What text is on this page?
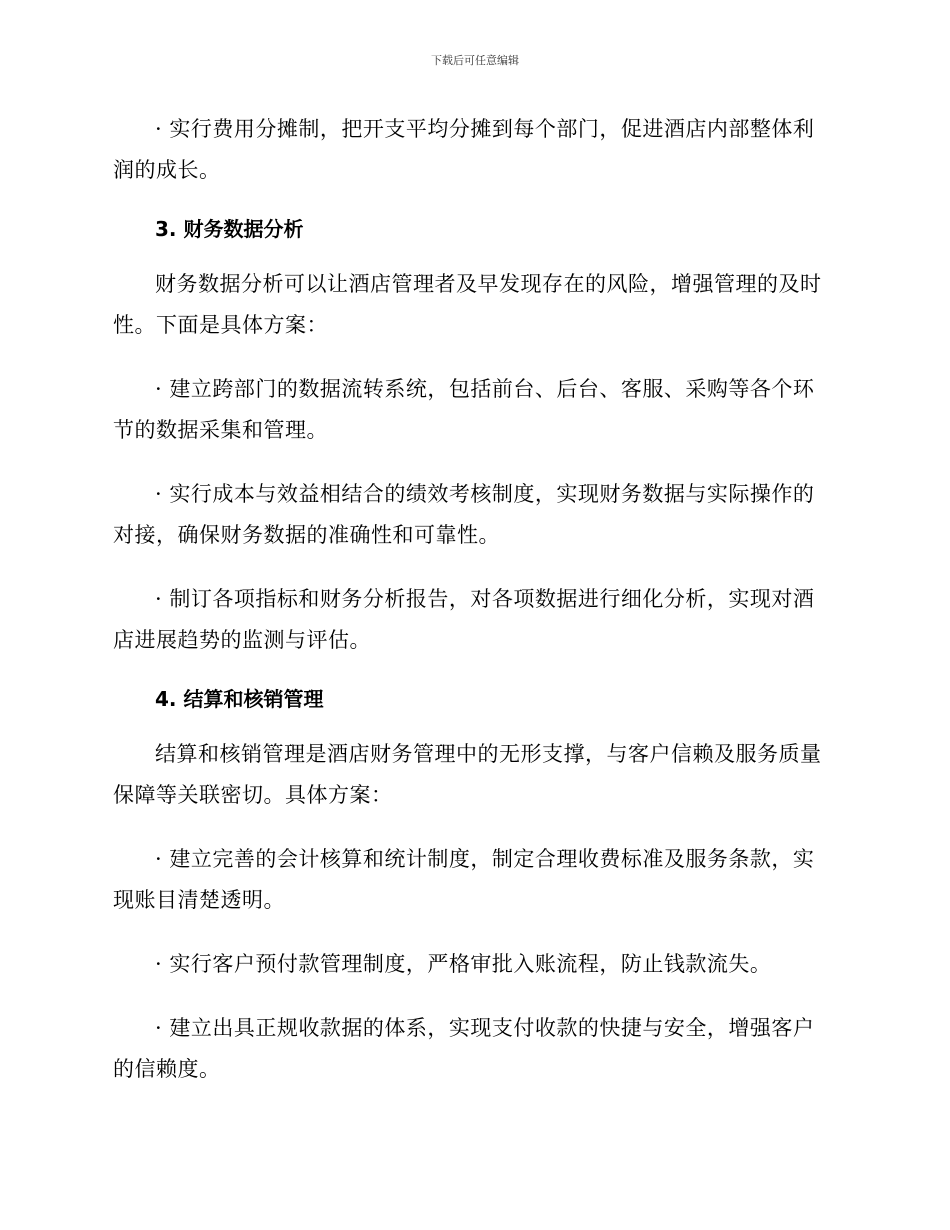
下载后可任意编辑

· 实行费用分摊制，把开支平均分摊到每个部门，促进酒店内部整体利润的成长。

3. 财务数据分析

财务数据分析可以让酒店管理者及早发现存在的风险，增强管理的及时性。下面是具体方案：

· 建立跨部门的数据流转系统，包括前台、后台、客服、采购等各个环节的数据采集和管理。

· 实行成本与效益相结合的绩效考核制度，实现财务数据与实际操作的对接，确保财务数据的准确性和可靠性。

· 制订各项指标和财务分析报告，对各项数据进行细化分析，实现对酒店进展趋势的监测与评估。

4. 结算和核销管理

结算和核销管理是酒店财务管理中的无形支撑，与客户信赖及服务质量保障等关联密切。具体方案：

· 建立完善的会计核算和统计制度，制定合理收费标准及服务条款，实现账目清楚透明。

· 实行客户预付款管理制度，严格审批入账流程，防止钱款流失。

· 建立出具正规收款据的体系，实现支付收款的快捷与安全，增强客户的信赖度。
